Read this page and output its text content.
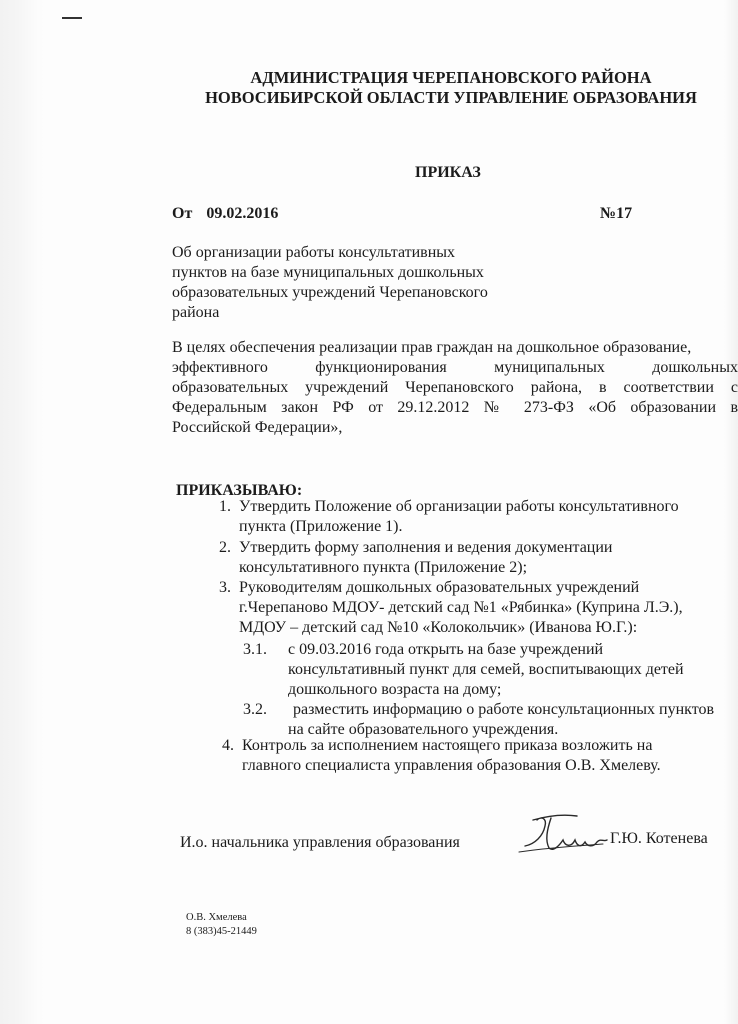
АДМИНИСТРАЦИЯ ЧЕРЕПАНОВСКОГО РАЙОНА
НОВОСИБИРСКОЙ ОБЛАСТИ УПРАВЛЕНИЕ ОБРАЗОВАНИЯ
ПРИКАЗ
От 09.02.2016	№17
Об организации работы консультативных
пунктов на базе муниципальных дошкольных
образовательных учреждений Черепановского
района
В целях обеспечения реализации прав граждан на дошкольное образование,
эффективного функционирования муниципальных дошкольных
образовательных учреждений Черепановского района, в соответствии с
Федеральным закон РФ от 29.12.2012 № 273-ФЗ «Об образовании в
Российской Федерации»,
ПРИКАЗЫВАЮ:
1. Утвердить Положение об организации работы консультативного
пункта (Приложение 1).
2. Утвердить форму заполнения и ведения документации
консультативного пункта (Приложение 2);
3. Руководителям дошкольных образовательных учреждений
г.Черепаново МДОУ- детский сад №1 «Рябинка» (Куприна Л.Э.),
МДОУ – детский сад №10 «Колокольчик» (Иванова Ю.Г.):
3.1. с 09.03.2016 года открыть на базе учреждений
консультативный пункт для семей, воспитывающих детей
дошкольного возраста на дому;
3.2. разместить информацию о работе консультационных пунктов
на сайте образовательного учреждения.
4. Контроль за исполнением настоящего приказа возложить на
главного специалиста управления образования О.В. Хмелеву.
И.о. начальника управления образования	Г.Ю. Котенева
О.В. Хмелева
8 (383)45-21449
